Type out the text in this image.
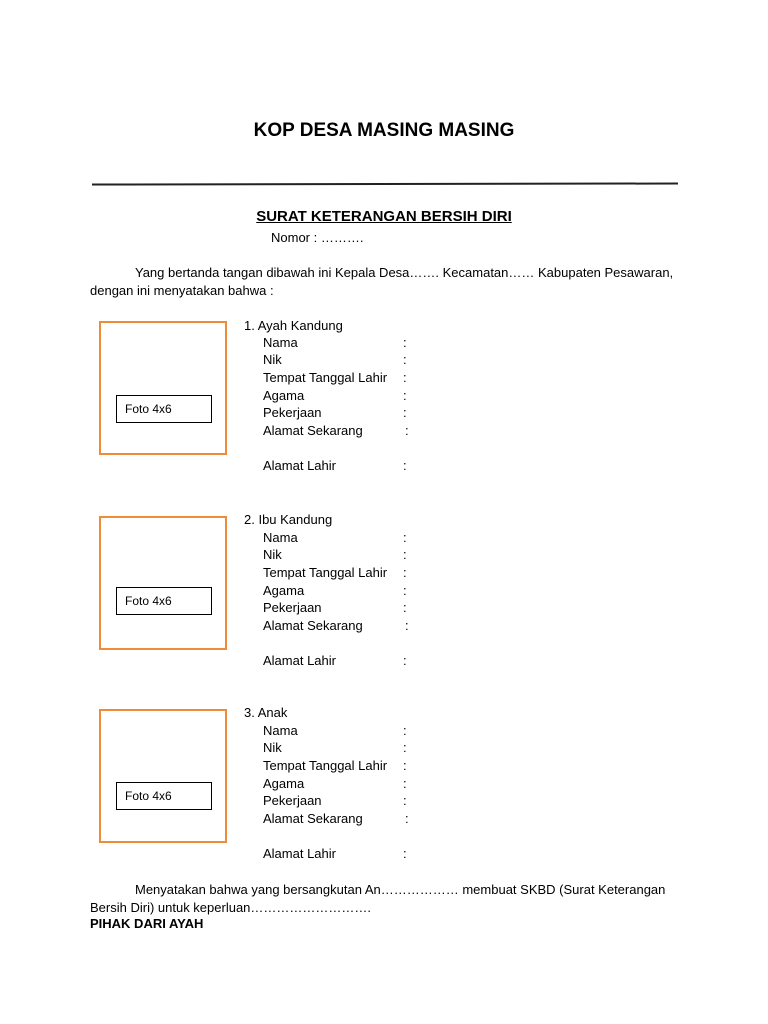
KOP DESA MASING MASING
SURAT KETERANGAN BERSIH DIRI
Nomor : ……….
Yang bertanda tangan dibawah ini Kepala Desa……. Kecamatan…… Kabupaten Pesawaran, dengan ini menyatakan bahwa :
Foto 4x6
1. Ayah Kandung
Nama	:
Nik	:
Tempat Tanggal Lahir :
Agama	:
Pekerjaan	:
Alamat Sekarang	:
Alamat Lahir	:
Foto 4x6
2. Ibu Kandung
Nama	:
Nik	:
Tempat Tanggal Lahir :
Agama	:
Pekerjaan	:
Alamat Sekarang	:
Alamat Lahir	:
Foto 4x6
3. Anak
Nama	:
Nik	:
Tempat Tanggal Lahir :
Agama	:
Pekerjaan	:
Alamat Sekarang	:
Alamat Lahir	:
Menyatakan bahwa yang bersangkutan An……………… membuat SKBD (Surat Keterangan Bersih Diri) untuk keperluan……………………….
PIHAK DARI AYAH
